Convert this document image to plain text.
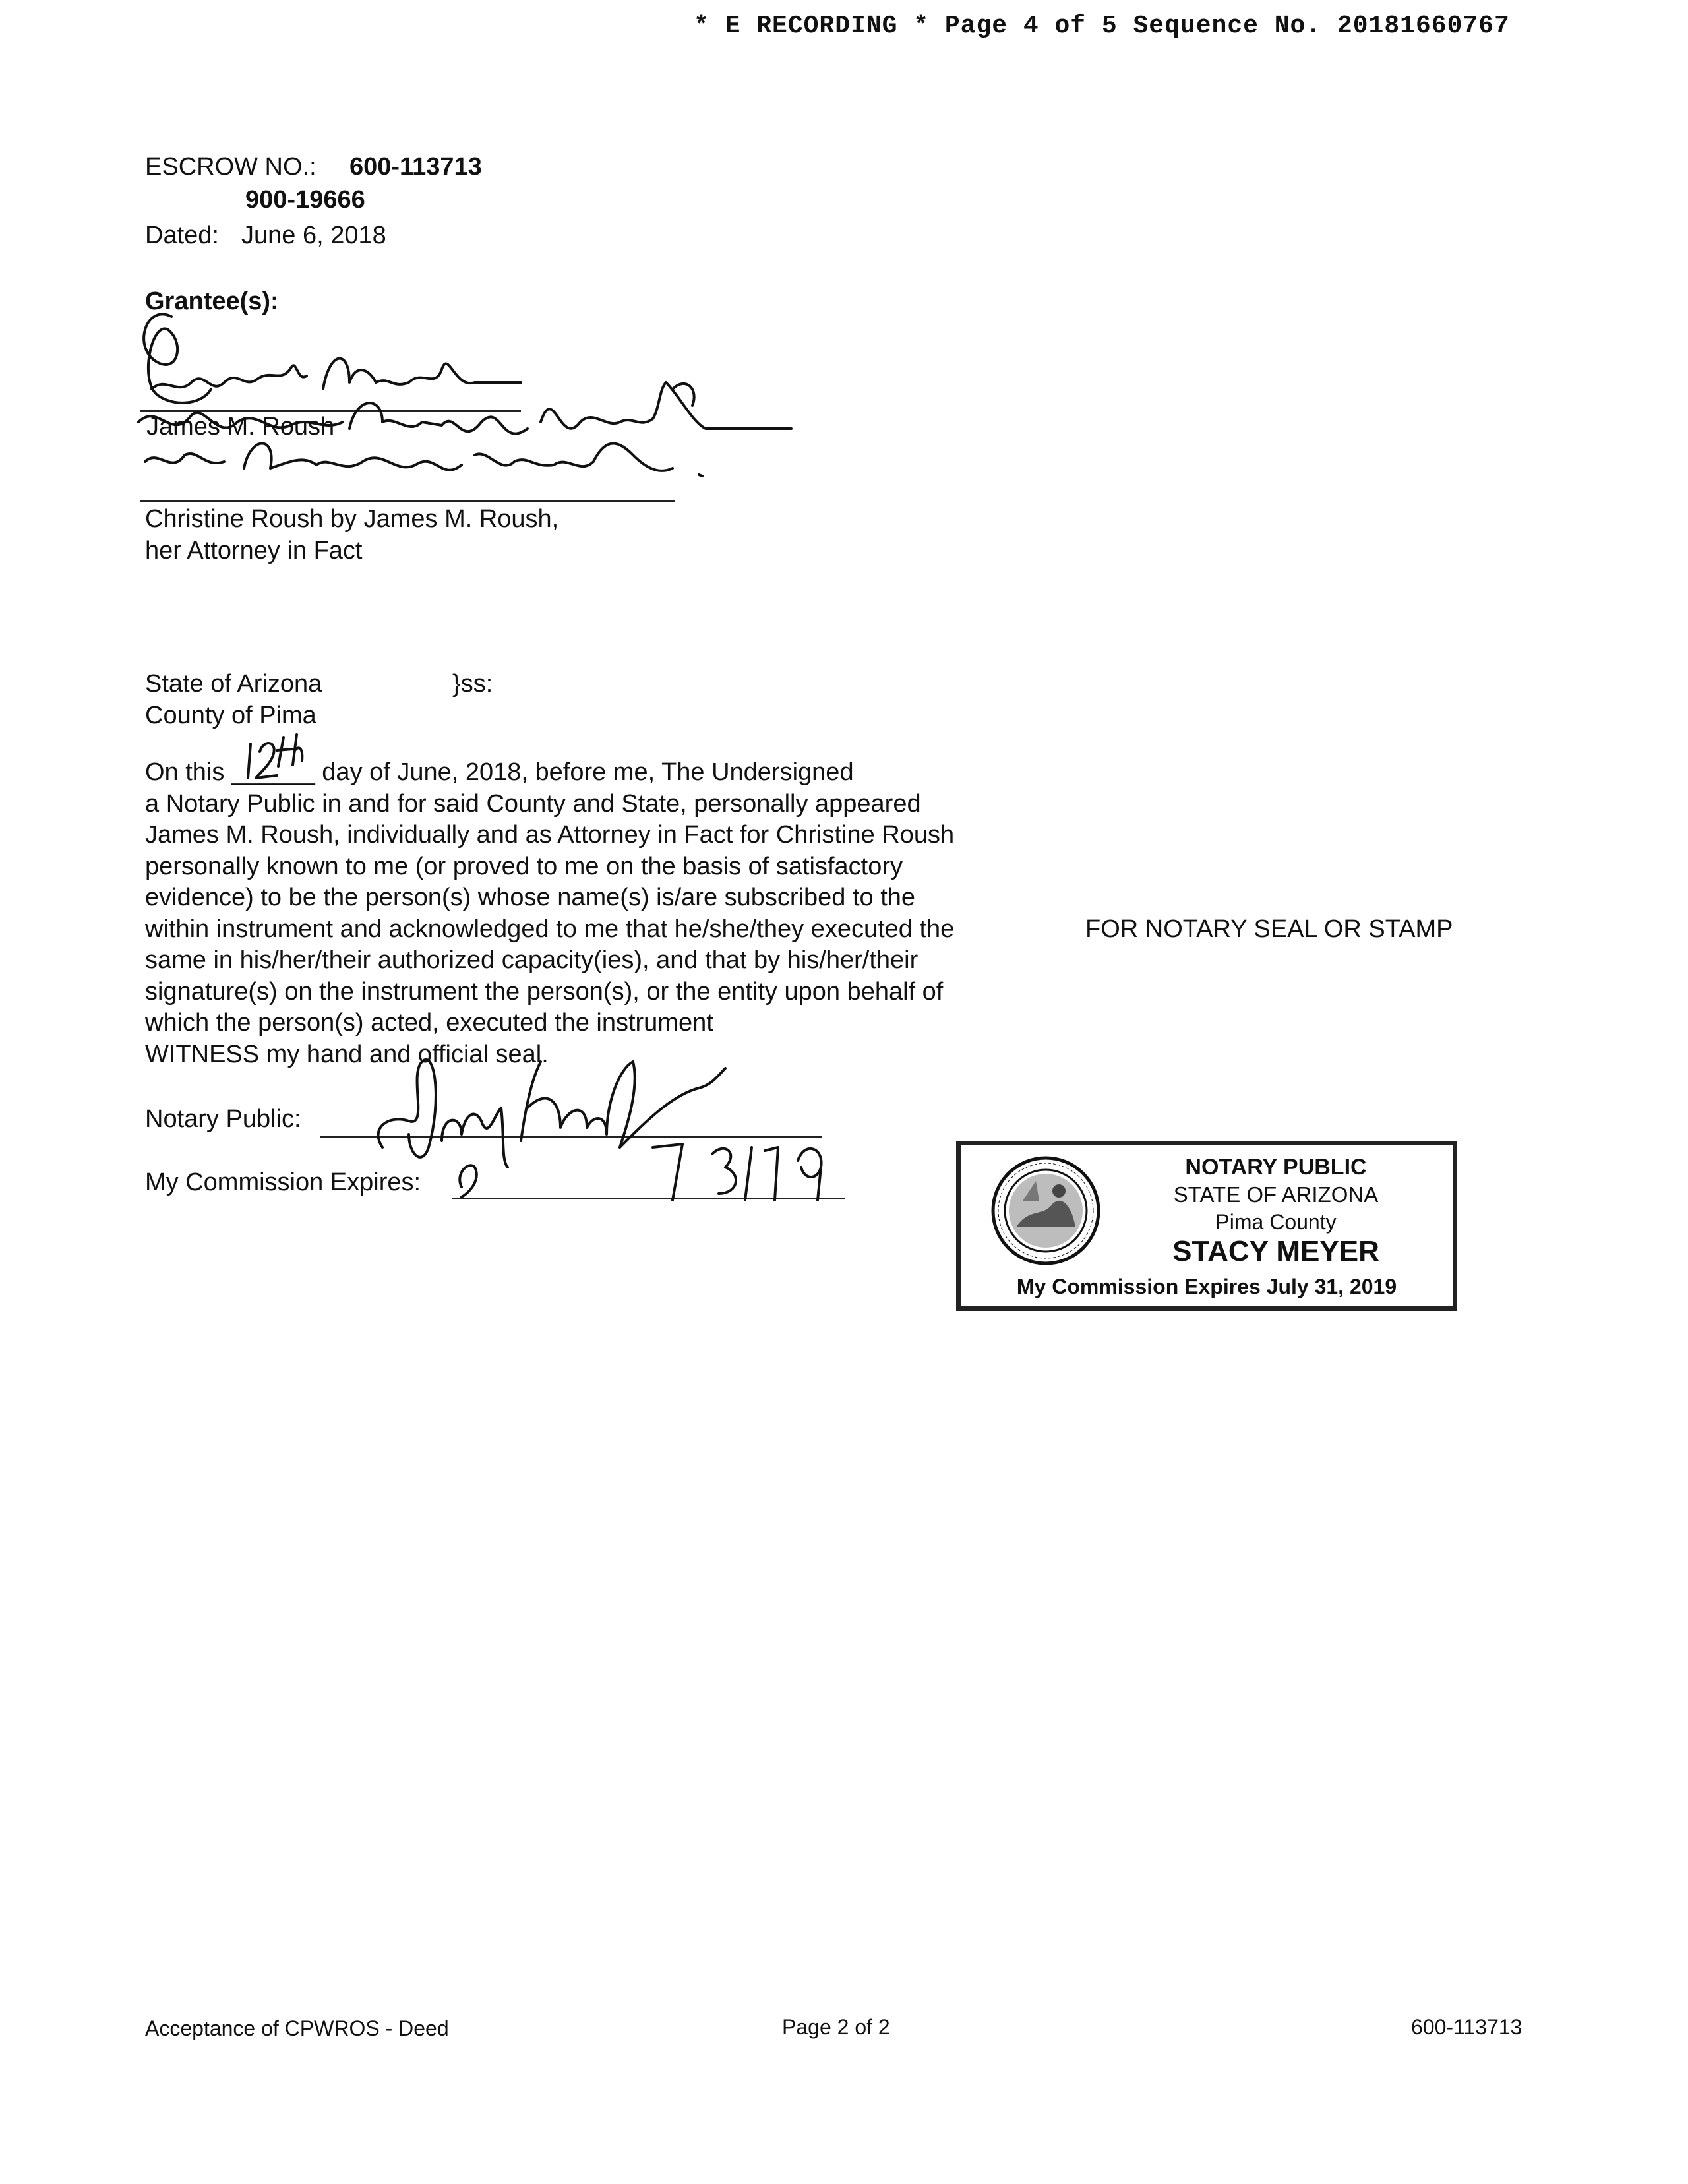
* E RECORDING * Page 4 of 5 Sequence No. 20181660767
ESCROW NO.: 600-113713
900-19666
Dated: June 6, 2018
Grantee(s):
James M. Roush
Christine Roush by James M. Roush,
her Attorney in Fact
State of Arizona	}ss:
County of Pima
On this ______ day of June, 2018, before me, The Undersigned
a Notary Public in and for said County and State, personally appeared
James M. Roush, individually and as Attorney in Fact for Christine Roush
personally known to me (or proved to me on the basis of satisfactory
evidence) to be the person(s) whose name(s) is/are subscribed to the
within instrument and acknowledged to me that he/she/they executed the
same in his/her/their authorized capacity(ies), and that by his/her/their
signature(s) on the instrument the person(s), or the entity upon behalf of
which the person(s) acted, executed the instrument
WITNESS my hand and official seal.
Notary Public:
My Commission Expires:
FOR NOTARY SEAL OR STAMP
NOTARY PUBLIC
STATE OF ARIZONA
Pima County
STACY MEYER
My Commission Expires July 31, 2019
Acceptance of CPWROS - Deed	Page 2 of 2	600-113713
